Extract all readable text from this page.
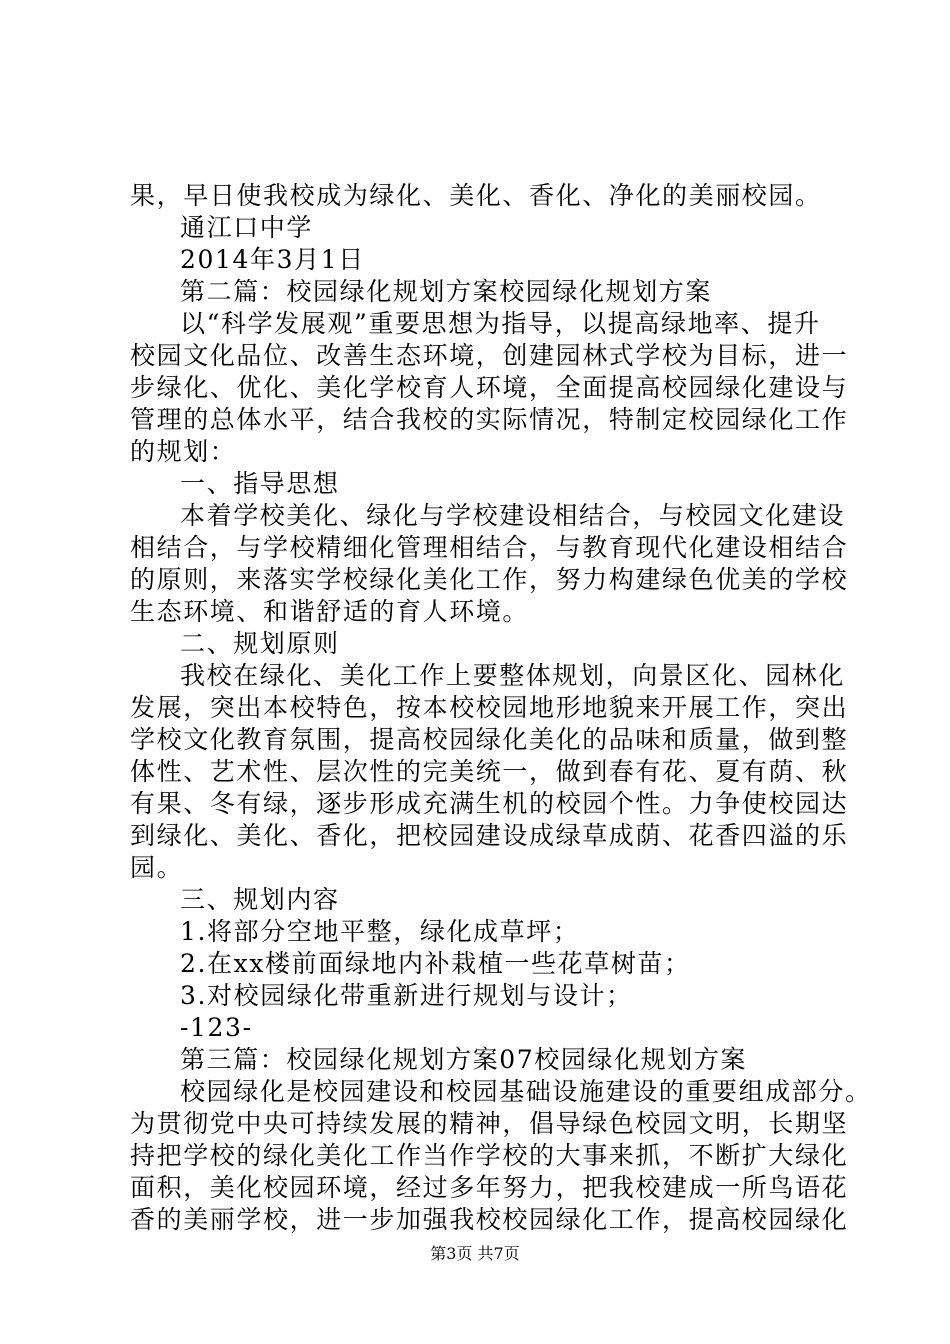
果，早日使我校成为绿化、美化、香化、净化的美丽校园。
通江口中学
2014年3月1日
第二篇：校园绿化规划方案校园绿化规划方案
以“科学发展观”重要思想为指导，以提高绿地率、提升
校园文化品位、改善生态环境，创建园林式学校为目标，进一
步绿化、优化、美化学校育人环境，全面提高校园绿化建设与
管理的总体水平，结合我校的实际情况，特制定校园绿化工作
的规划：
一、指导思想
本着学校美化、绿化与学校建设相结合，与校园文化建设
相结合，与学校精细化管理相结合，与教育现代化建设相结合
的原则，来落实学校绿化美化工作，努力构建绿色优美的学校
生态环境、和谐舒适的育人环境。
二、规划原则
我校在绿化、美化工作上要整体规划，向景区化、园林化
发展，突出本校特色，按本校校园地形地貌来开展工作，突出
学校文化教育氛围，提高校园绿化美化的品味和质量，做到整
体性、艺术性、层次性的完美统一，做到春有花、夏有荫、秋
有果、冬有绿，逐步形成充满生机的校园个性。力争使校园达
到绿化、美化、香化，把校园建设成绿草成荫、花香四溢的乐
园。
三、规划内容
1.将部分空地平整，绿化成草坪；
2.在xx楼前面绿地内补栽植一些花草树苗；
3.对校园绿化带重新进行规划与设计；
-123-
第三篇：校园绿化规划方案07校园绿化规划方案
校园绿化是校园建设和校园基础设施建设的重要组成部分。
为贯彻党中央可持续发展的精神，倡导绿色校园文明，长期坚
持把学校的绿化美化工作当作学校的大事来抓，不断扩大绿化
面积，美化校园环境，经过多年努力，把我校建成一所鸟语花
香的美丽学校，进一步加强我校校园绿化工作，提高校园绿化
第3页 共7页
